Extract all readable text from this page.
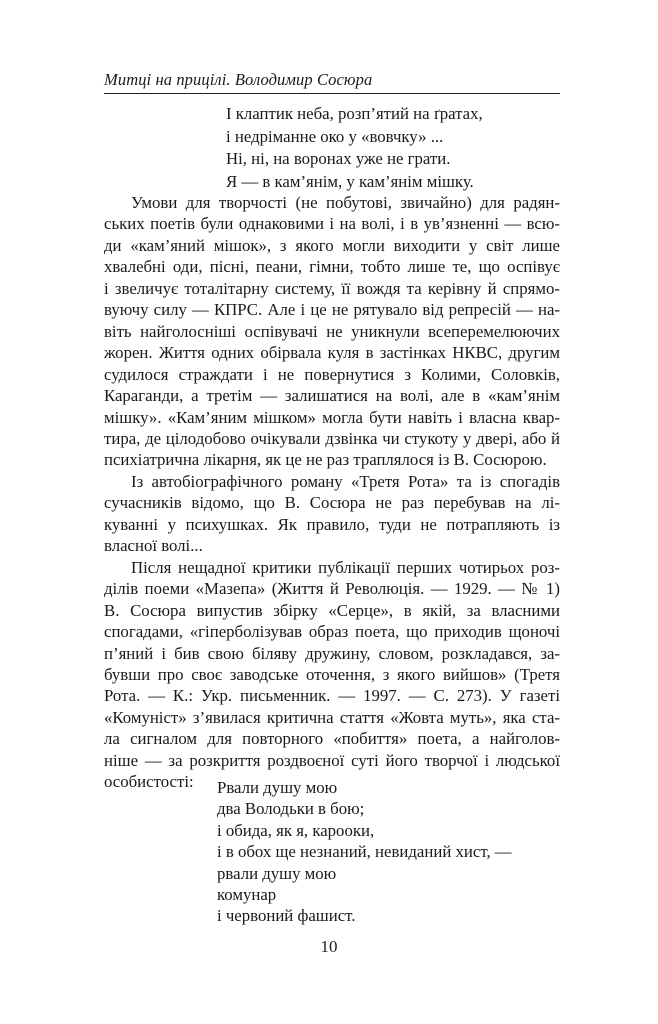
Митці на прицілі. Володимир Сосюра
І клаптик неба, розп’ятий на ґратах,
і недріманне око у «вовчку» ...
Ні, ні, на воронах уже не грати.
Я — в кам’янім, у кам’янім мішку.
Умови для творчості (не побутові, звичайно) для радян-
ських поетів були однаковими і на волі, і в ув’язненні — всю-
ди «кам’яний мішок», з якого могли виходити у світ лише
хвалебні оди, пісні, пеани, гімни, тобто лише те, що оспівує
і звеличує тоталітарну систему, її вождя та керівну й спрямо-
вуючу силу — КПРС. Але і це не рятувало від репресій — на-
віть найголосніші оспівувачі не уникнули всеперемелюючих
жорен. Життя одних обірвала куля в застінках НКВС, другим
судилося страждати і не повернутися з Колими, Соловків,
Караганди, а третім — залишатися на волі, але в «кам’янім
мішку». «Кам’яним мішком» могла бути навіть і власна квар-
тира, де цілодобово очікували дзвінка чи стукоту у двері, або й
психіатрична лікарня, як це не раз траплялося із В. Сосюрою.
Із автобіографічного роману «Третя Рота» та із спогадів
сучасників відомо, що В. Сосюра не раз перебував на лі-
куванні у психушках. Як правило, туди не потрапляють із
власної волі...
Після нещадної критики публікації перших чотирьох роз-
ділів поеми «Мазепа» (Життя й Революція. — 1929. — № 1)
В. Сосюра випустив збірку «Серце», в якій, за власними
спогадами, «гіперболізував образ поета, що приходив щоночі
п’яний і бив свою біляву дружину, словом, розкладався, за-
бувши про своє заводське оточення, з якого вийшов» (Третя
Рота. — К.: Укр. письменник. — 1997. — С. 273). У газеті
«Комуніст» з’явилася критична стаття «Жовта муть», яка ста-
ла сигналом для повторного «побиття» поета, а найголов-
ніше — за розкриття роздвоєної суті його творчої і людської
особистості:	Рвали душу мою
два Володьки в бою;
і обида, як я, карооки,
і в обох ще незнаний, невиданий хист, —
рвали душу мою
комунар
і червоний фашист.
10
